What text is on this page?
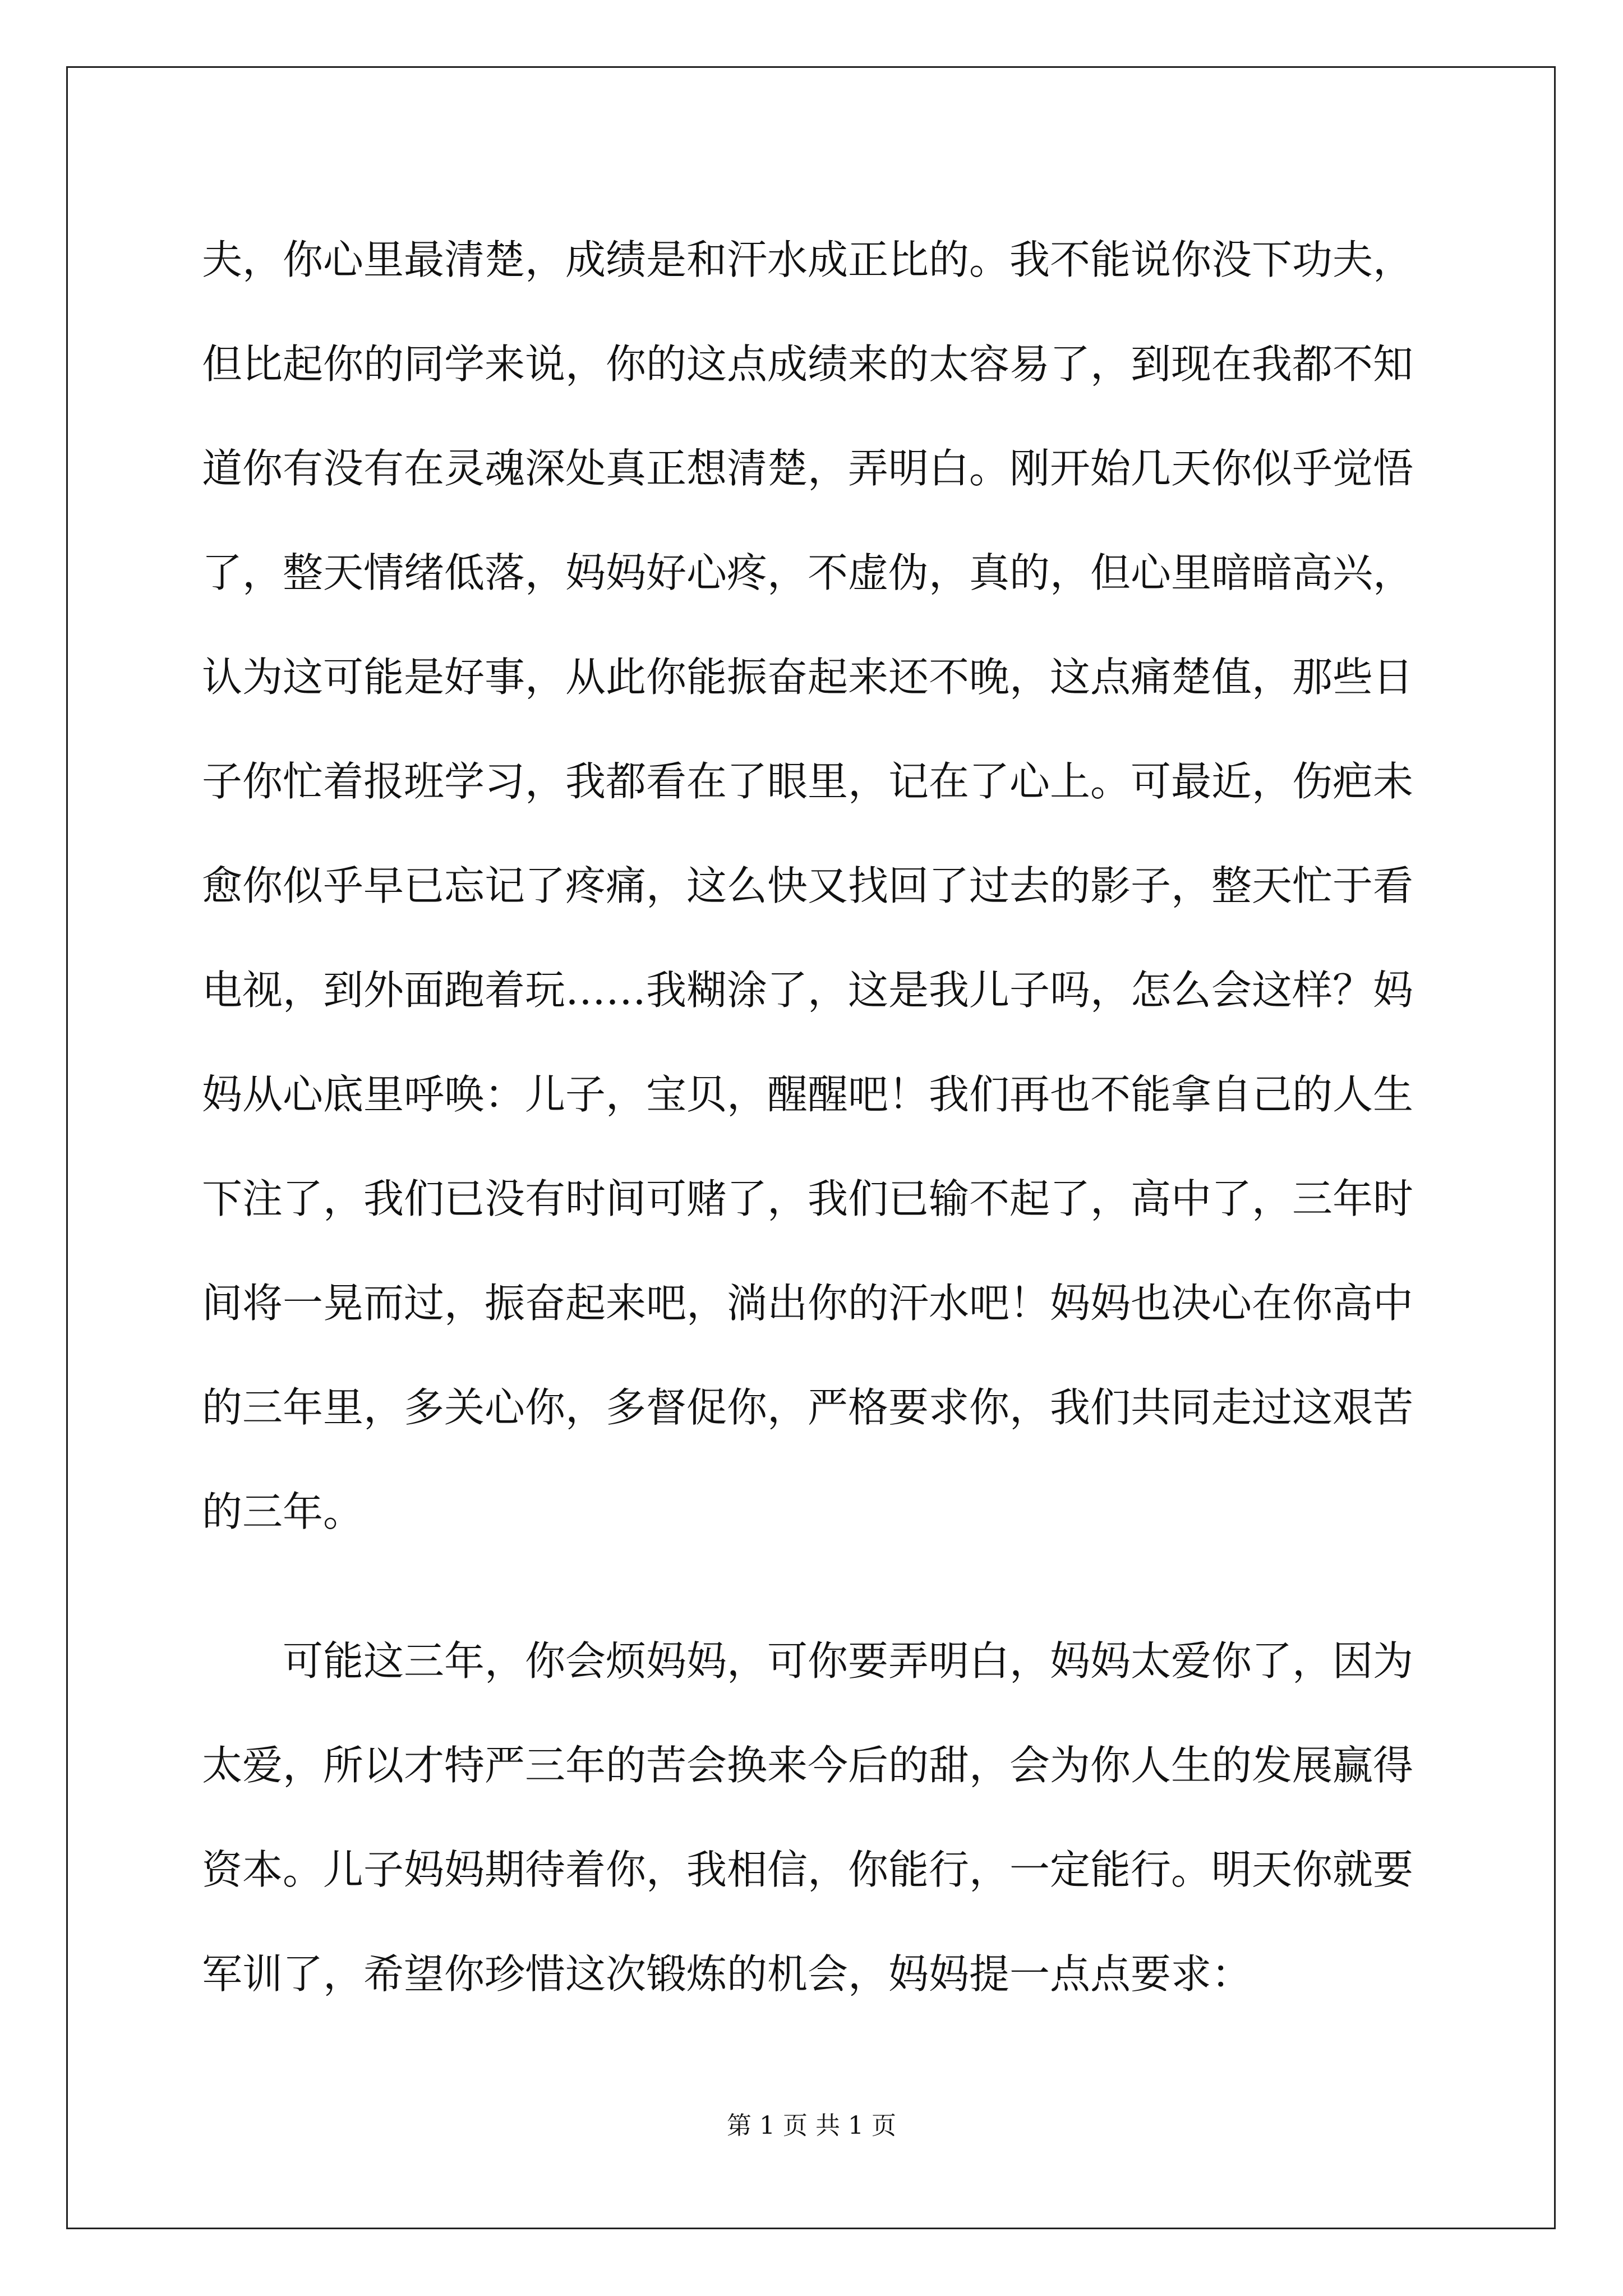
夫，你心里最清楚，成绩是和汗水成正比的。我不能说你没下功夫，
但比起你的同学来说，你的这点成绩来的太容易了，到现在我都不知
道你有没有在灵魂深处真正想清楚，弄明白。刚开始几天你似乎觉悟
了，整天情绪低落，妈妈好心疼，不虚伪，真的，但心里暗暗高兴，
认为这可能是好事，从此你能振奋起来还不晚，这点痛楚值，那些日
子你忙着报班学习，我都看在了眼里，记在了心上。可最近，伤疤未
愈你似乎早已忘记了疼痛，这么快又找回了过去的影子，整天忙于看
电视，到外面跑着玩……我糊涂了，这是我儿子吗，怎么会这样？妈
妈从心底里呼唤：儿子，宝贝，醒醒吧！我们再也不能拿自己的人生
下注了，我们已没有时间可赌了，我们已输不起了，高中了，三年时
间将一晃而过，振奋起来吧，淌出你的汗水吧！妈妈也决心在你高中
的三年里，多关心你，多督促你，严格要求你，我们共同走过这艰苦
的三年。
可能这三年，你会烦妈妈，可你要弄明白，妈妈太爱你了，因为
太爱，所以才特严三年的苦会换来今后的甜，会为你人生的发展赢得
资本。儿子妈妈期待着你，我相信，你能行，一定能行。明天你就要
军训了，希望你珍惜这次锻炼的机会，妈妈提一点点要求：
第 1 页 共 1 页
